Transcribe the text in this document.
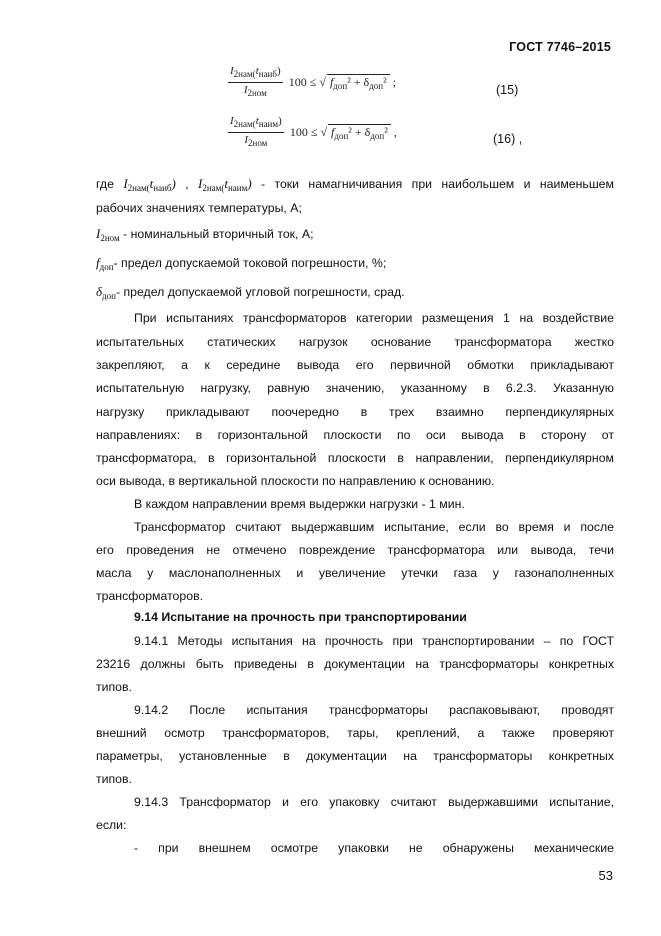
ГОСТ 7746–2015
$\frac{I_{2нам(}t_{наиб})}{I_{2ном}} 100$ ≤ √ $f_{доп}^2 + \delta_{доп}^2$ ;
(15)
$\frac{I_{2нам(}t_{наим})}{I_{2ном}} 100$ ≤ √ $f_{доп}^2 + \delta_{доп}^2$ ,	(16) ,
где $I_{2нам(}t_{наиб}$) , $I_{2нам(}t_{наим}$) - токи намагничивания при наибольшем и наименьшем
рабочих значениях температуры, А;
$I_{2ном}$ - номинальный вторичный ток, А;
$f_{доп}-$ предел допускаемой токовой погрешности, %;
$\delta_{доп}-$ предел допускаемой угловой погрешности, срад.
При испытаниях трансформаторов категории размещения 1 на воздействие
испытательных статических нагрузок основание трансформатора жестко
закрепляют, а к середине вывода его первичной обмотки прикладывают
испытательную нагрузку, равную значению, указанному в 6.2.3. Указанную
нагрузку прикладывают поочередно в трех взаимно перпендикулярных
направлениях: в горизонтальной плоскости по оси вывода в сторону от
трансформатора, в горизонтальной плоскости в направлении, перпендикулярном
оси вывода, в вертикальной плоскости по направлению к основанию.
В каждом направлении время выдержки нагрузки - 1 мин.
Трансформатор считают выдержавшим испытание, если во время и после
его проведения не отмечено повреждение трансформатора или вывода, течи
масла у маслонаполненных и увеличение утечки газа у газонаполненных
трансформаторов.
9.14 Испытание на прочность при транспортировании
9.14.1 Методы испытания на прочность при транспортировании – по ГОСТ
23216 должны быть приведены в документации на трансформаторы конкретных
типов.
9.14.2 После испытания трансформаторы распаковывают, проводят
внешний осмотр трансформаторов, тары, креплений, а также проверяют
параметры, установленные в документации на трансформаторы конкретных
типов.
9.14.3 Трансформатор и его упаковку считают выдержавшими испытание,
если:
- при внешнем осмотре упаковки не обнаружены механические
53
